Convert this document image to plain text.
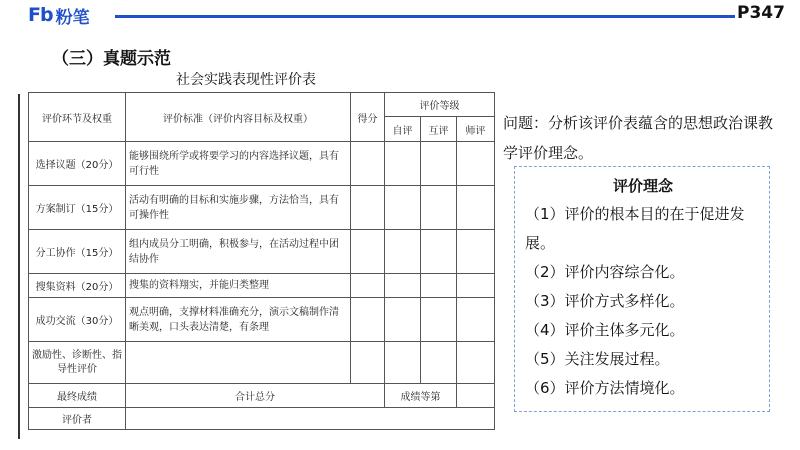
Fb 粉笔	P347
（三）真题示范
社会实践表现性评价表
评价环节及权重	评价标准（评价内容目标及权重）	得分	评价等级		
			自评	互评	师评
选择议题（20分）	能够围绕所学或将要学习的内容选择议题，具有可行性				
方案制订（15分）	活动有明确的目标和实施步骤，方法恰当，具有可操作性				
分工协作（15分）	组内成员分工明确，积极参与，在活动过程中团结协作				
搜集资料（20分）	搜集的资料翔实，并能归类整理				
成功交流（30分）	观点明确，支撑材料准确充分，演示文稿制作清晰美观，口头表达清楚，有条理				
激励性、诊断性、指导性评价					
最终成绩	合计总分		成绩等第		
评价者					
问题：分析该评价表蕴含的思想政治课教学评价理念。
评价理念

（1）评价的根本目的在于促进发展。

（2）评价内容综合化。

（3）评价方式多样化。

（4）评价主体多元化。

（5）关注发展过程。

（6）评价方法情境化。
